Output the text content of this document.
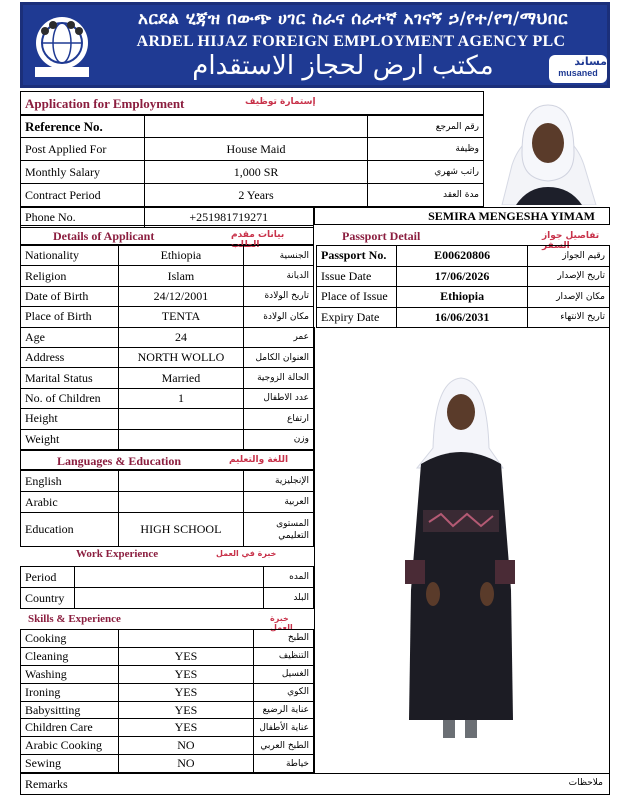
አርደል ሂጃዝ በውጭ ሀገር ስራና ሰራተኛ አገናኝ ኃ/የተ/የግ/ማህበር
ARDEL HIJAZ FOREIGN EMPLOYMENT AGENCY PLC
مكتب ارض لحجاز الاستقدام	مساند
musaned
Application for Employment	إستمارة توظيف
Reference No.		رقم المرجع
Post Applied For	House Maid	وظيفة
Monthly Salary	1,000 SR	راتب شهري
Contract Period	2 Years	مدة العقد
Phone No.	+251981719271	SEMIRA MENGESHA YIMAM
Details of Applicant	بيانات مقدم الطلب
Nationality	Ethiopia	الجنسية
Religion	Islam	الديانة
Date of Birth	24/12/2001	تاريخ الولادة
Place of Birth	TENTA	مكان الولادة
Age	24	عمر
Address	NORTH WOLLO	العنوان الكامل
Marital Status	Married	الحالة الزوجية
No. of Children	1	عدد الاطفال
Height		ارتفاع
Weight		وزن
Passport Detail	تفاصيل جواز السفر
Passport No.	E00620806	رقيم الجواز
Issue Date	17/06/2026	تاريخ الإصدار
Place of Issue	Ethiopia	مكان الإصدار
Expiry Date	16/06/2031	تاريخ الانتهاء
Languages & Education	اللغة والتعليم
English		الإنجليزية
Arabic		العربية
Education	HIGH SCHOOL	المستوى التعليمي
Work Experience	خبرة في العمل
Period		المده
Country		البلد
Skills & Experience	خبرة العمل
Cooking		الطبخ
Cleaning	YES	التنظيف
Washing	YES	الغسيل
Ironing	YES	الكوي
Babysitting	YES	عناية الرضيع
Children Care	YES	عناية الأطفال
Arabic Cooking	NO	الطبخ العربي
Sewing	NO	خياطة
Remarks	ملاحظات
